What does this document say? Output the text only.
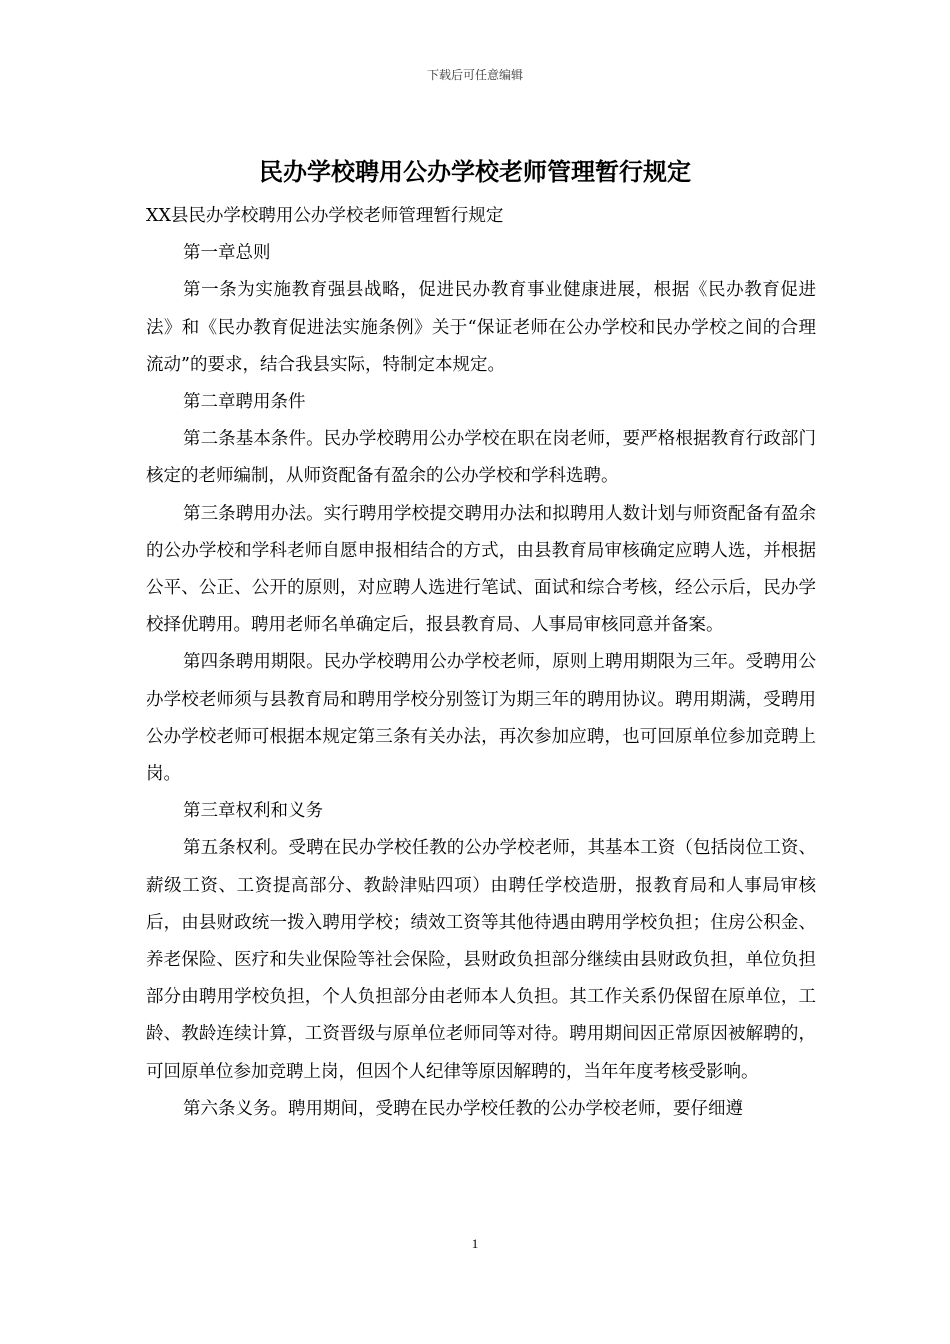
下载后可任意编辑
民办学校聘用公办学校老师管理暂行规定

XX县民办学校聘用公办学校老师管理暂行规定

第一章总则

第一条为实施教育强县战略，促进民办教育事业健康进展，根据《民办教育促进法》和《民办教育促进法实施条例》关于“保证老师在公办学校和民办学校之间的合理流动”的要求，结合我县实际，特制定本规定。

第二章聘用条件

第二条基本条件。民办学校聘用公办学校在职在岗老师，要严格根据教育行政部门核定的老师编制，从师资配备有盈余的公办学校和学科选聘。

第三条聘用办法。实行聘用学校提交聘用办法和拟聘用人数计划与师资配备有盈余的公办学校和学科老师自愿申报相结合的方式，由县教育局审核确定应聘人选，并根据公平、公正、公开的原则，对应聘人选进行笔试、面试和综合考核，经公示后，民办学校择优聘用。聘用老师名单确定后，报县教育局、人事局审核同意并备案。

第四条聘用期限。民办学校聘用公办学校老师，原则上聘用期限为三年。受聘用公办学校老师须与县教育局和聘用学校分别签订为期三年的聘用协议。聘用期满，受聘用公办学校老师可根据本规定第三条有关办法，再次参加应聘，也可回原单位参加竞聘上岗。

第三章权利和义务

第五条权利。受聘在民办学校任教的公办学校老师，其基本工资（包括岗位工资、薪级工资、工资提高部分、教龄津贴四项）由聘任学校造册，报教育局和人事局审核后，由县财政统一拨入聘用学校；绩效工资等其他待遇由聘用学校负担；住房公积金、养老保险、医疗和失业保险等社会保险，县财政负担部分继续由县财政负担，单位负担部分由聘用学校负担，个人负担部分由老师本人负担。其工作关系仍保留在原单位，工龄、教龄连续计算，工资晋级与原单位老师同等对待。聘用期间因正常原因被解聘的，可回原单位参加竞聘上岗，但因个人纪律等原因解聘的，当年年度考核受影响。

第六条义务。聘用期间，受聘在民办学校任教的公办学校老师，要仔细遵

1
